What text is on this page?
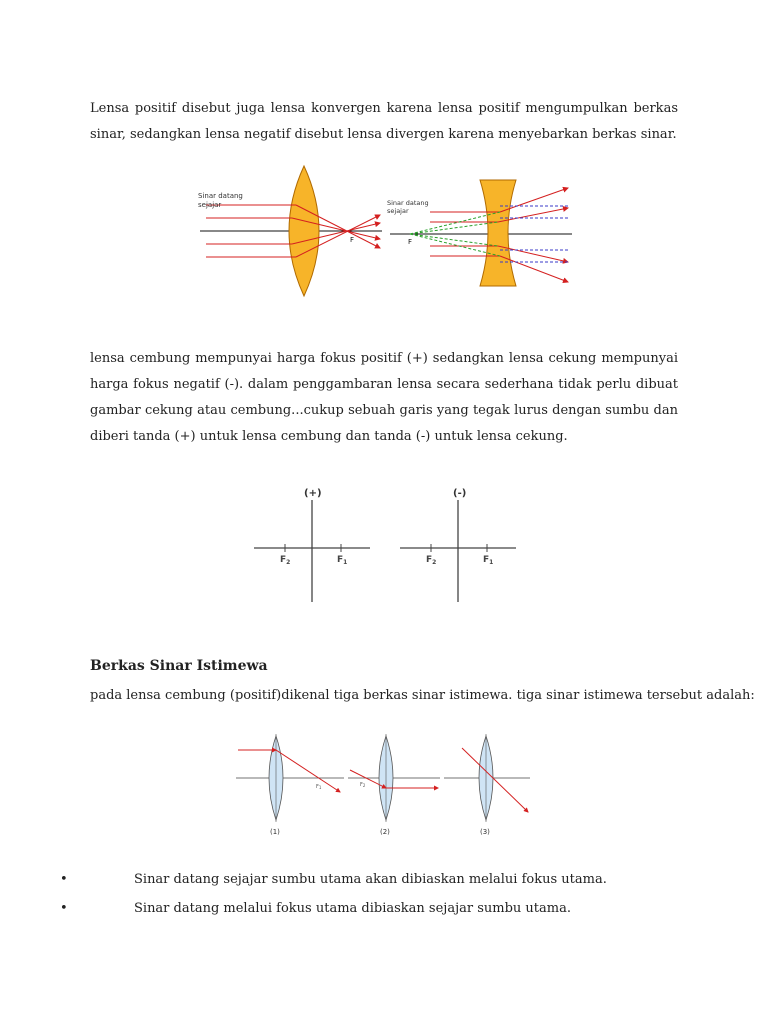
Lensa positif disebut juga lensa konvergen karena lensa positif mengumpulkan berkas sinar, sedangkan lensa negatif disebut lensa divergen karena menyebarkan berkas sinar.
Sinar datang
sejajar
F
Sinar datang
sejajar
F
lensa cembung mempunyai harga fokus positif (+) sedangkan lensa cekung mempunyai harga fokus negatif (-). dalam penggambaran lensa secara sederhana tidak perlu dibuat gambar cekung atau cembung...cukup sebuah garis yang tegak lurus dengan sumbu dan diberi tanda (+) untuk lensa cembung dan tanda (-) untuk lensa cekung.
(+)
$F_2$	$F_1$
(-)
$F_2$	$F_1$
Berkas Sinar Istimewa
pada lensa cembung (positif)dikenal tiga berkas sinar istimewa. tiga sinar istimewa tersebut adalah:
$F_1$
(1)
$F_2$
(2)	(3)
•	Sinar datang sejajar sumbu utama akan dibiaskan melalui fokus utama.
•	Sinar datang melalui fokus utama dibiaskan sejajar sumbu utama.
